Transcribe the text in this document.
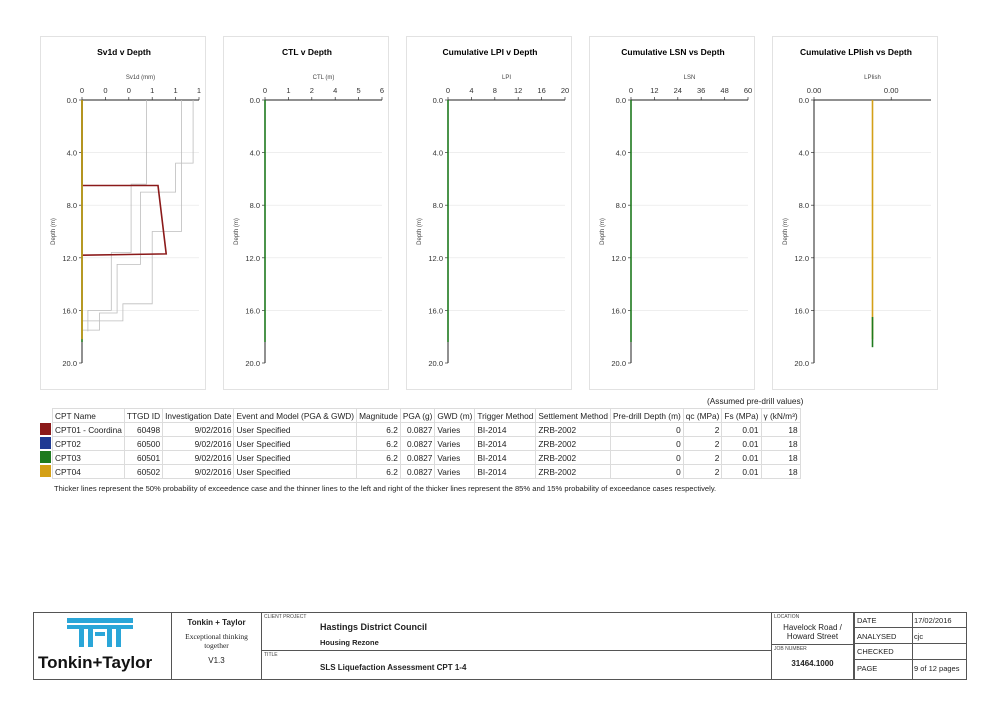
Sv1d v Depth
Sv1d (mm)
Depth (m)
0	0	0	1	1	1
0.0
4.0
8.0
12.0
16.0
20.0
CTL v Depth
CTL (m)
Depth (m)
0	1	2	4	5	6
0.0
4.0
8.0
12.0
16.0
20.0
Cumulative LPI v Depth
LPI
Depth (m)
0	4	8 12 16 20
0.0
4.0
8.0
12.0
16.0
20.0
Cumulative LSN vs Depth
LSN
Depth (m)
0 12 24 36 48 60
0.0
4.0
8.0
12.0
16.0
20.0
Cumulative LPIish vs Depth
LPIish
Depth (m)
0.00	0.00
0.0
4.0
8.0
12.0
16.0
20.0
(Assumed pre-drill values)
CPT Name	TTGD ID	Investigation Date	Event and Model (PGA & GWD)	Magnitude	PGA (g)	GWD (m)	Trigger Method	Settlement Method	Pre-drill Depth (m)	qc (MPa)	Fs (MPa)	γ (kN/m³)
CPT01 - Coordina	60498	9/02/2016	User Specified	6.2	0.0827	Varies	BI-2014	ZRB-2002	0	2	0.01	18
CPT02	60500	9/02/2016	User Specified	6.2	0.0827	Varies	BI-2014	ZRB-2002	0	2	0.01	18
CPT03	60501	9/02/2016	User Specified	6.2	0.0827	Varies	BI-2014	ZRB-2002	0	2	0.01	18
CPT04	60502	9/02/2016	User Specified	6.2	0.0827	Varies	BI-2014	ZRB-2002	0	2	0.01	18
Thicker lines represent the 50% probability of exceedence case and the thinner lines to the left and right of the thicker lines represent the 85% and 15% probability of exceedance cases respectively.
Tonkin+Taylor
Tonkin + Taylor
Exceptional thinking
together
V1.3
CLIENT PROJECT
Hastings District Council
Housing Rezone
TITLE
SLS Liquefaction Assessment CPT 1-4
LOCATION
Havelock Road /
Howard Street
JOB NUMBER
31464.1000
DATE	17/02/2016
ANALYSED cjc
CHECKED
PAGE	9 of 12 pages
